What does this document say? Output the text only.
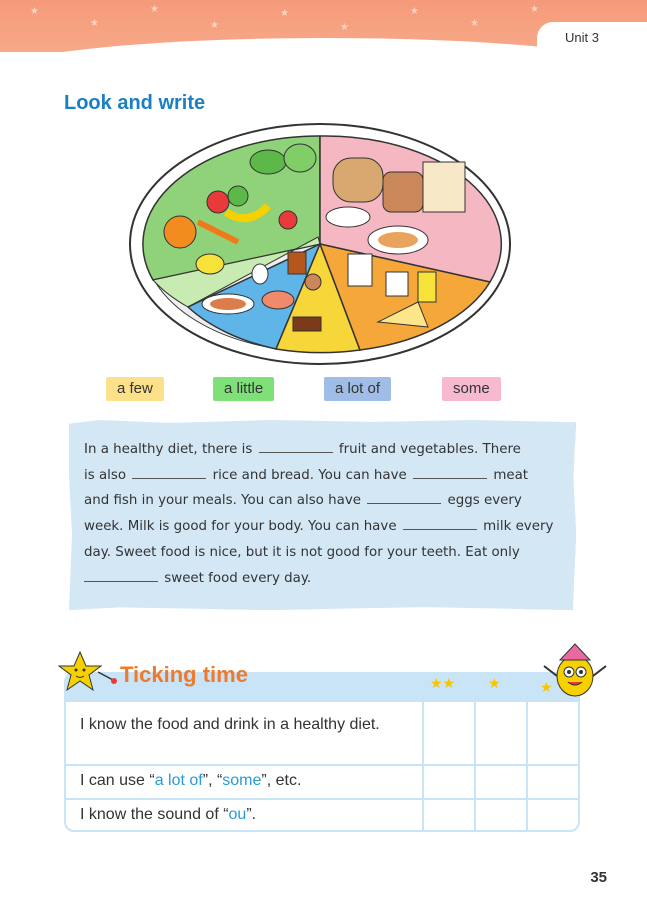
★
★
★
★
★
★
★
★
★
Unit 3
Look and write
a few	a little	a lot of	some
In a healthy diet, there is	fruit and vegetables. There
is also	rice and bread. You can have	meat
and fish in your meals. You can also have	eggs every
week. Milk is good for your body. You can have	milk every
day. Sweet food is nice, but it is not good for your teeth. Eat only
sweet food every day.
Ticking time	★★ ★	★
I know the food and drink in a healthy diet.
I can use “a lot of”, “some”, etc.
I know the sound of “ou”.
35
